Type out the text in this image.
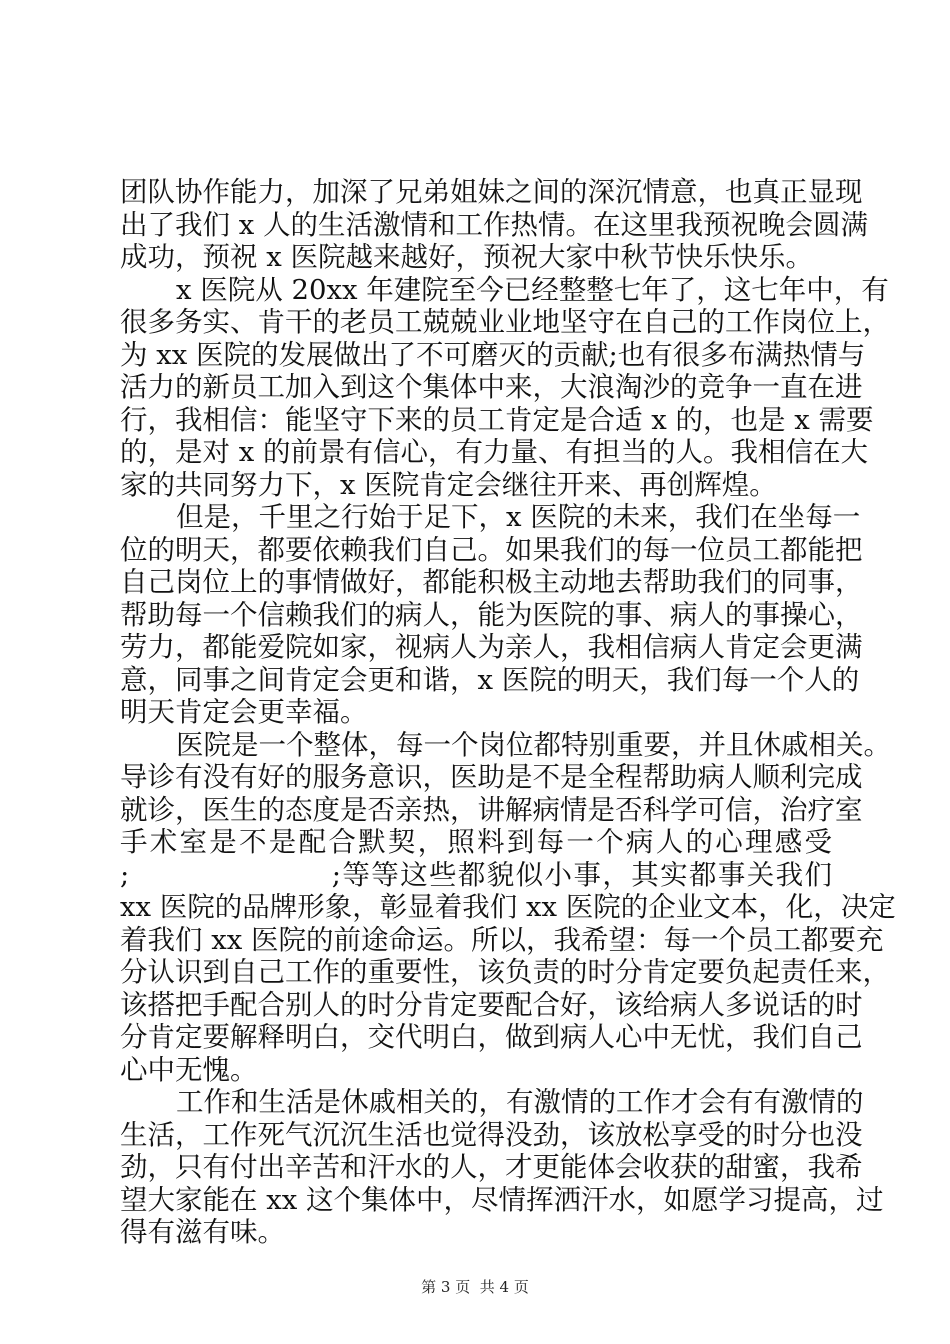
团队协作能力，加深了兄弟姐妹之间的深沉情意，也真正显现
出了我们 x 人的生活激情和工作热情。在这里我预祝晚会圆满
成功，预祝 x 医院越来越好，预祝大家中秋节快乐快乐。
x 医院从 20xx 年建院至今已经整整七年了，这七年中，有
很多务实、肯干的老员工兢兢业业地坚守在自己的工作岗位上，
为 xx 医院的发展做出了不可磨灭的贡献;也有很多布满热情与
活力的新员工加入到这个集体中来，大浪淘沙的竞争一直在进
行，我相信：能坚守下来的员工肯定是合适 x 的，也是 x 需要
的，是对 x 的前景有信心，有力量、有担当的人。我相信在大
家的共同努力下，x 医院肯定会继往开来、再创辉煌。
但是，千里之行始于足下，x 医院的未来，我们在坐每一
位的明天，都要依赖我们自己。如果我们的每一位员工都能把
自己岗位上的事情做好，都能积极主动地去帮助我们的同事，
帮助每一个信赖我们的病人，能为医院的事、病人的事操心，
劳力，都能爱院如家，视病人为亲人，我相信病人肯定会更满
意，同事之间肯定会更和谐，x 医院的明天，我们每一个人的
明天肯定会更幸福。
医院是一个整体，每一个岗位都特别重要，并且休戚相关。
导诊有没有好的服务意识，医助是不是全程帮助病人顺利完成
就诊，医生的态度是否亲热，讲解病情是否科学可信，治疗室
手术室是不是配合默契，照料到每一个病人的心理感受
;                    ;等等这些都貌似小事，其实都事关我们
xx 医院的品牌形象，彰显着我们 xx 医院的企业文本，化，决定
着我们 xx 医院的前途命运。所以，我希望：每一个员工都要充
分认识到自己工作的重要性，该负责的时分肯定要负起责任来，
该搭把手配合别人的时分肯定要配合好，该给病人多说话的时
分肯定要解释明白，交代明白，做到病人心中无忧，我们自己
心中无愧。
工作和生活是休戚相关的，有激情的工作才会有有激情的
生活，工作死气沉沉生活也觉得没劲，该放松享受的时分也没
劲，只有付出辛苦和汗水的人，才更能体会收获的甜蜜，我希
望大家能在 xx 这个集体中，尽情挥洒汗水，如愿学习提高，过
得有滋有味。
第 3 页  共 4 页
